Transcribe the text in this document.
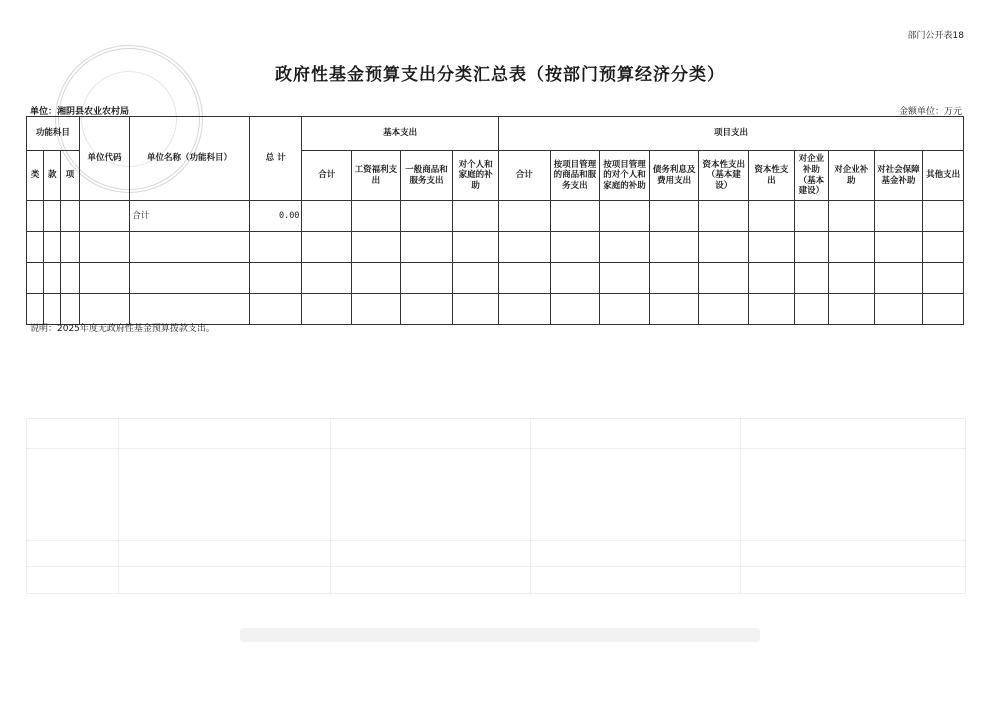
部门公开表18
政府性基金预算支出分类汇总表（按部门预算经济分类）
单位：湘阴县农业农村局	金额单位：万元
功能科目			单位代码	单位名称（功能科目）	总 计	基本支出				项目支出									
类	款	项				合计	工资福利支出	一般商品和服务支出	对个人和家庭的补助	合计	按项目管理的商品和服务支出	按项目管理的对个人和家庭的补助	债务利息及费用支出	资本性支出（基本建设）	资本性支出	对企业补助（基本建设）	对企业补助	对社会保障基金补助	其他支出
				合计	0.00														

说明：2025年度无政府性基金预算拨款支出。
